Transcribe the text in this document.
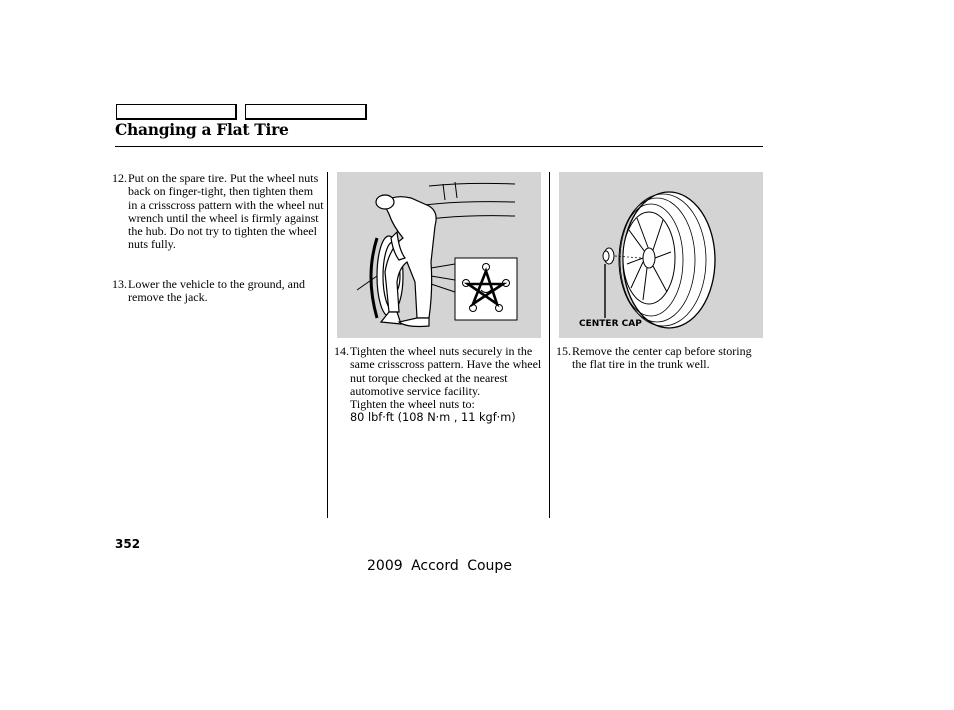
Changing a Flat Tire
12. Put on the spare tire. Put the wheel nuts back on finger-tight, then tighten them in a crisscross pattern with the wheel nut wrench until the wheel is firmly against the hub. Do not try to tighten the wheel nuts fully.
13. Lower the vehicle to the ground, and remove the jack.
14. Tighten the wheel nuts securely in the same crisscross pattern. Have the wheel nut torque checked at the nearest automotive service facility.
Tighten the wheel nuts to:
80 lbf·ft (108 N·m , 11 kgf·m)
15. Remove the center cap before storing the flat tire in the trunk well.
CENTER CAP
352
2009 Accord Coupe
